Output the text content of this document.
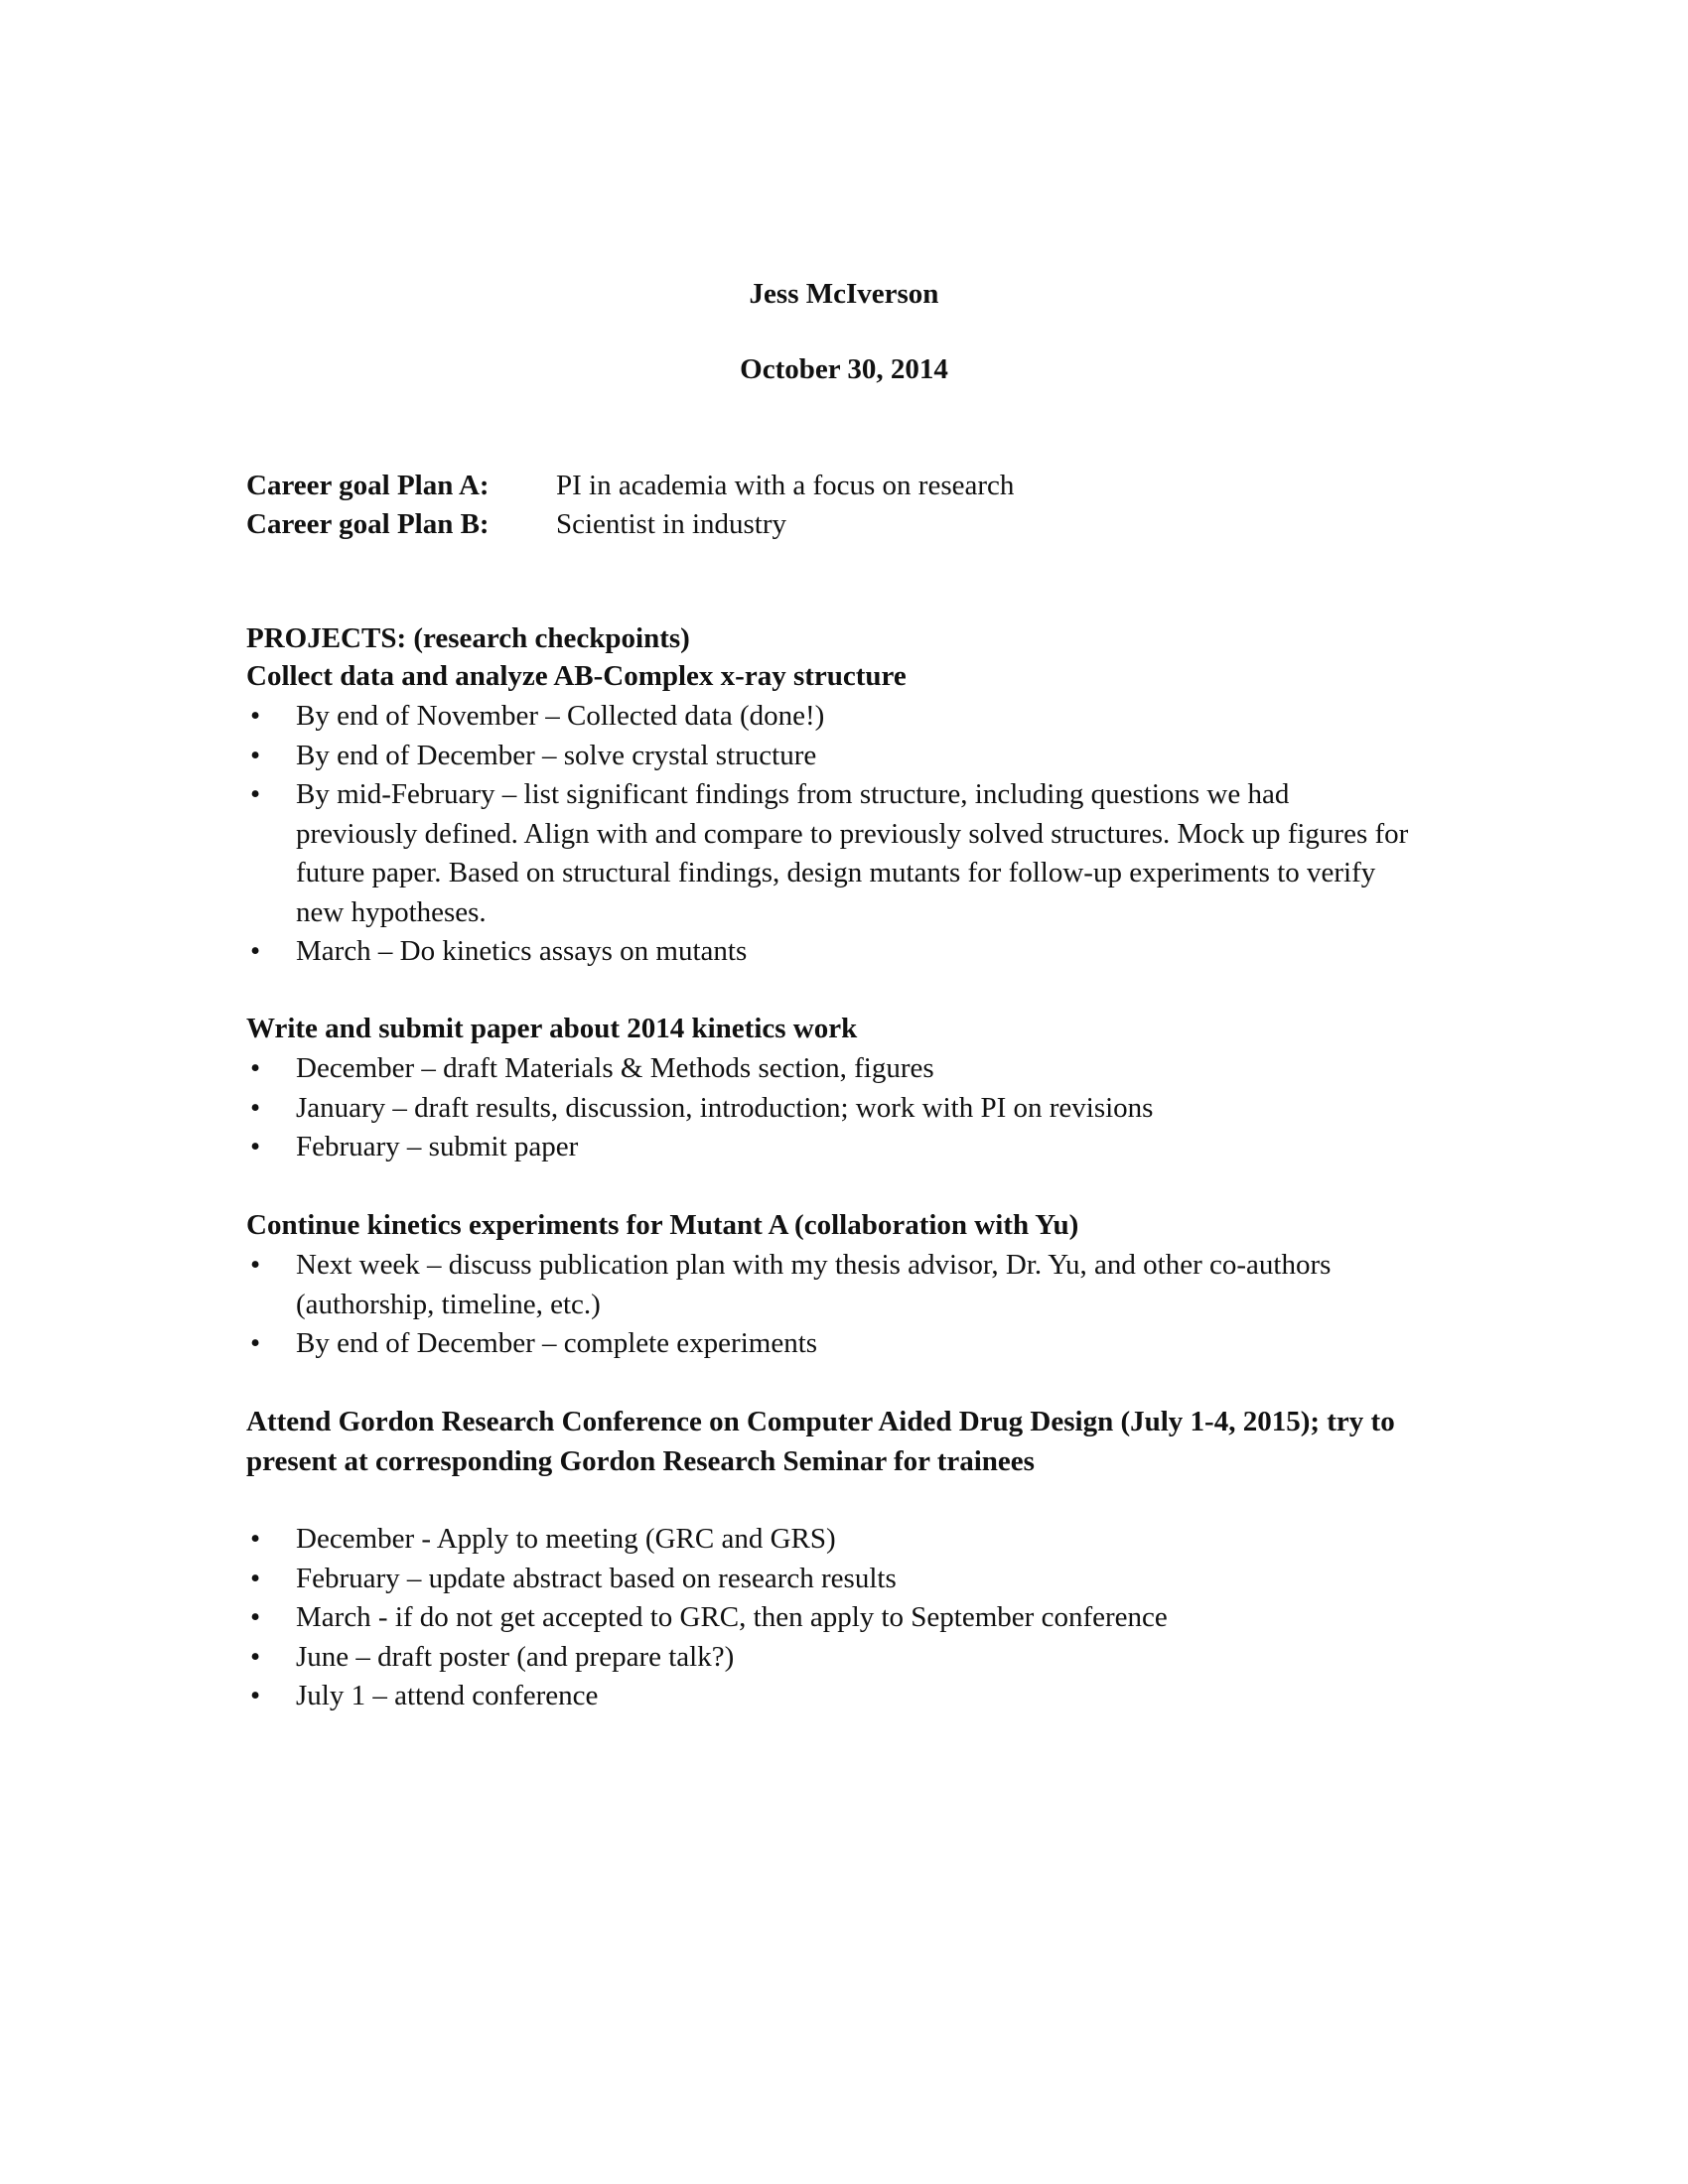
Jess McIverson
October 30, 2014
Career goal Plan A: PI in academia with a focus on research
Career goal Plan B: Scientist in industry
PROJECTS: (research checkpoints)
Collect data and analyze AB-Complex x-ray structure
• By end of November – Collected data (done!)
• By end of December – solve crystal structure
• By mid-February – list significant findings from structure, including questions we had previously defined. Align with and compare to previously solved structures. Mock up figures for future paper. Based on structural findings, design mutants for follow-up experiments to verify new hypotheses.
• March – Do kinetics assays on mutants
Write and submit paper about 2014 kinetics work
• December – draft Materials & Methods section, figures
• January – draft results, discussion, introduction; work with PI on revisions
• February – submit paper
Continue kinetics experiments for Mutant A (collaboration with Yu)
• Next week – discuss publication plan with my thesis advisor, Dr. Yu, and other co-authors (authorship, timeline, etc.)
• By end of December – complete experiments
Attend Gordon Research Conference on Computer Aided Drug Design (July 1-4, 2015); try to present at corresponding Gordon Research Seminar for trainees
• December - Apply to meeting (GRC and GRS)
• February – update abstract based on research results
• March - if do not get accepted to GRC, then apply to September conference
• June – draft poster (and prepare talk?)
• July 1 – attend conference
